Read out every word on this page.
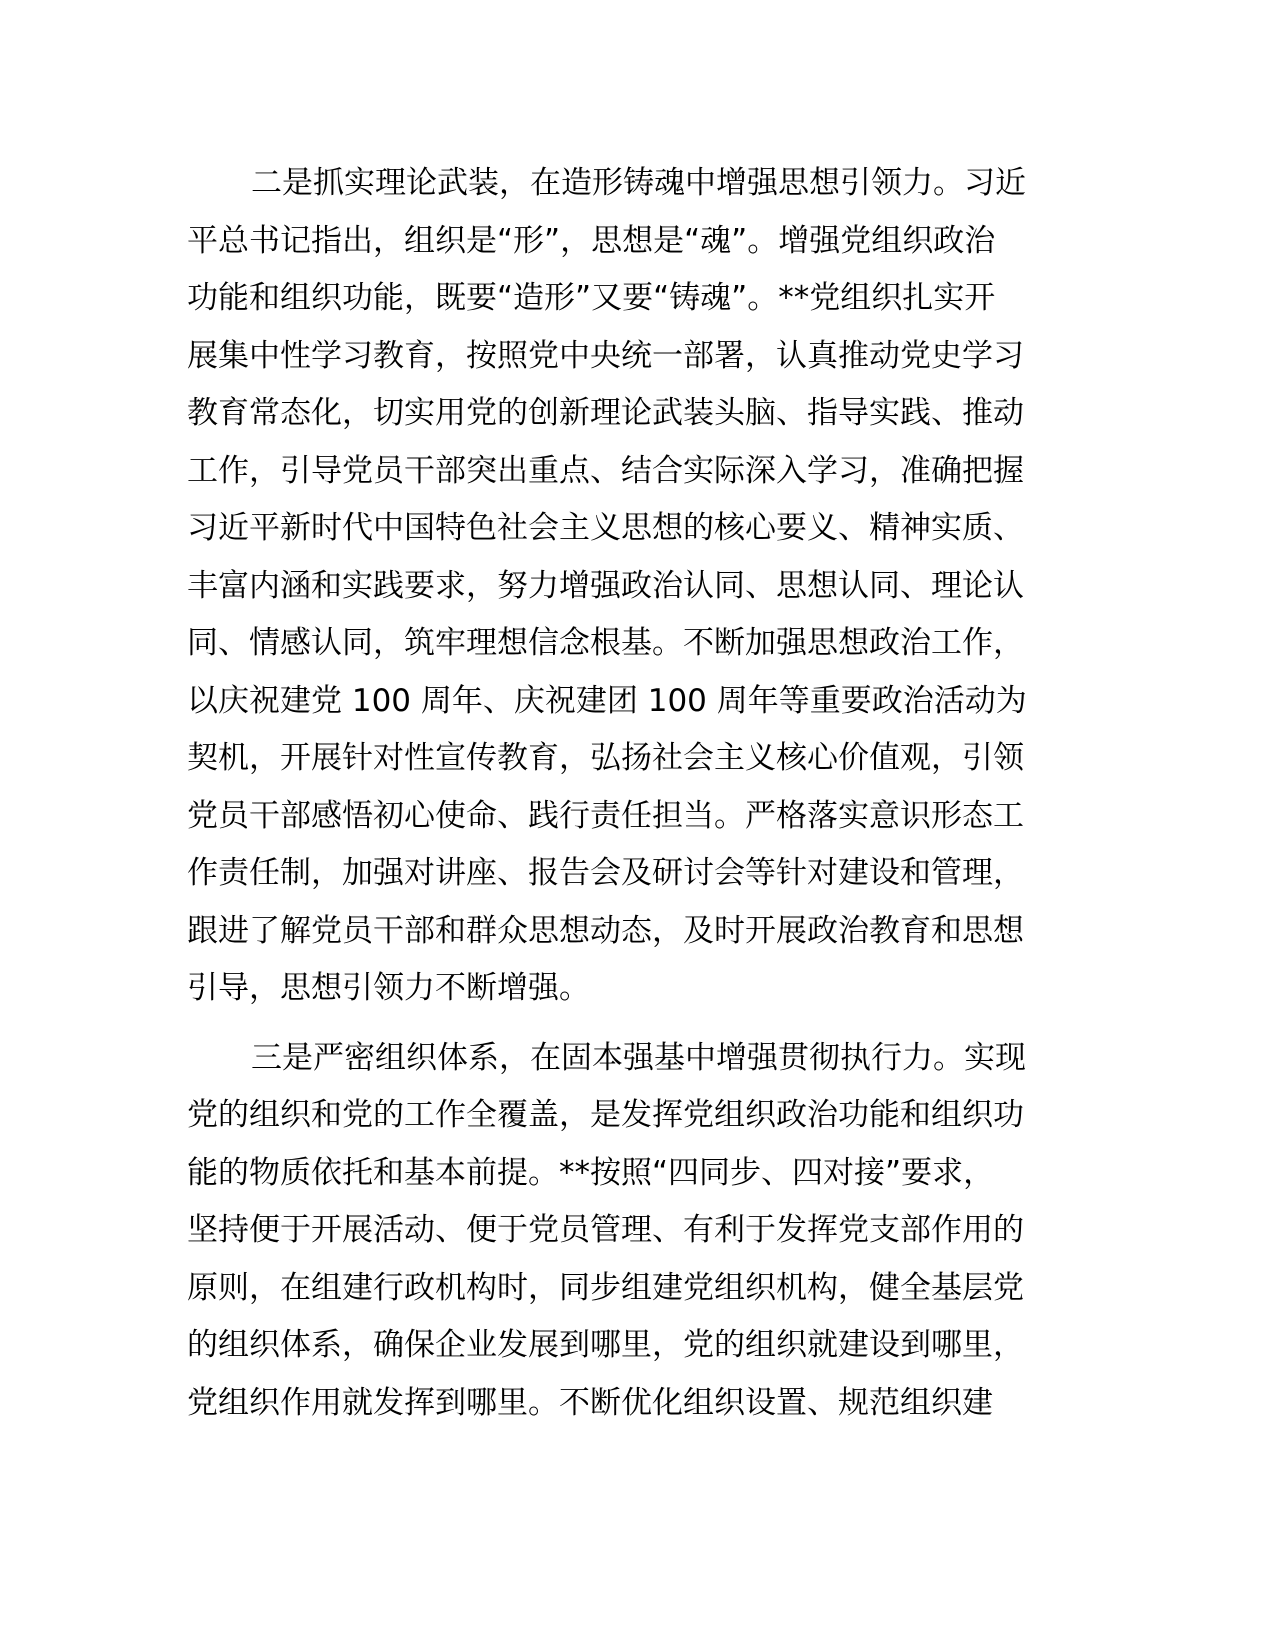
二是抓实理论武装，在造形铸魂中增强思想引领力。习近
平总书记指出，组织是“形”，思想是“魂”。增强党组织政治
功能和组织功能，既要“造形”又要“铸魂”。**党组织扎实开
展集中性学习教育，按照党中央统一部署，认真推动党史学习
教育常态化，切实用党的创新理论武装头脑、指导实践、推动
工作，引导党员干部突出重点、结合实际深入学习，准确把握
习近平新时代中国特色社会主义思想的核心要义、精神实质、
丰富内涵和实践要求，努力增强政治认同、思想认同、理论认
同、情感认同，筑牢理想信念根基。不断加强思想政治工作，
以庆祝建党 100 周年、庆祝建团 100 周年等重要政治活动为
契机，开展针对性宣传教育，弘扬社会主义核心价值观，引领
党员干部感悟初心使命、践行责任担当。严格落实意识形态工
作责任制，加强对讲座、报告会及研讨会等针对建设和管理，
跟进了解党员干部和群众思想动态，及时开展政治教育和思想
引导，思想引领力不断增强。
三是严密组织体系，在固本强基中增强贯彻执行力。实现
党的组织和党的工作全覆盖，是发挥党组织政治功能和组织功
能的物质依托和基本前提。**按照“四同步、四对接”要求，
坚持便于开展活动、便于党员管理、有利于发挥党支部作用的
原则，在组建行政机构时，同步组建党组织机构，健全基层党
的组织体系，确保企业发展到哪里，党的组织就建设到哪里，
党组织作用就发挥到哪里。不断优化组织设置、规范组织建
